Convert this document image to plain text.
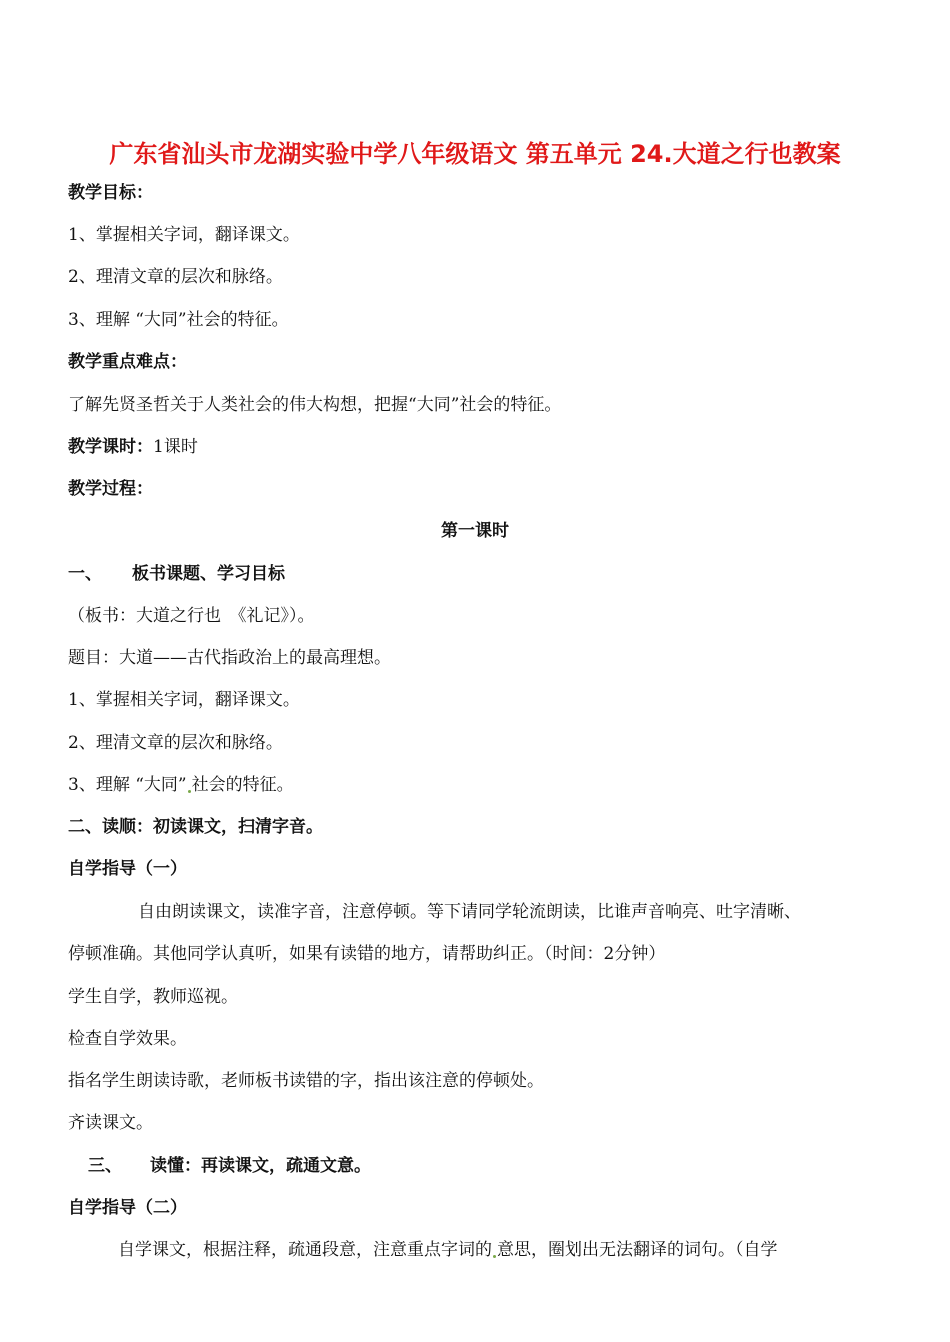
广东省汕头市龙湖实验中学八年级语文 第五单元 24.大道之行也教案
教学目标：
1、掌握相关字词，翻译课文。
2、理清文章的层次和脉络。
3、理解 “大同”社会的特征。
教学重点难点：
了解先贤圣哲关于人类社会的伟大构想，把握“大同”社会的特征。
教学课时：1课时
教学过程：
第一课时
一、 板书课题、学习目标
（板书：大道之行也　《礼记》）。
题目：大道——古代指政治上的最高理想。
1、掌握相关字词，翻译课文。
2、理清文章的层次和脉络。
3、理解 “大同” 社会的特征。
二、读顺：初读课文，扫清字音。
自学指导（一）
自由朗读课文，读准字音，注意停顿。等下请同学轮流朗读，比谁声音响亮、吐字清晰、
停顿准确。其他同学认真听，如果有读错的地方，请帮助纠正。（时间：2分钟）
学生自学，教师巡视。
检查自学效果。
指名学生朗读诗歌，老师板书读错的字，指出该注意的停顿处。
齐读课文。
三、 读懂：再读课文，疏通文意。
自学指导（二）
自学课文，根据注释，疏通段意，注意重点字词的 意思，圈划出无法翻译的词句。（自学
